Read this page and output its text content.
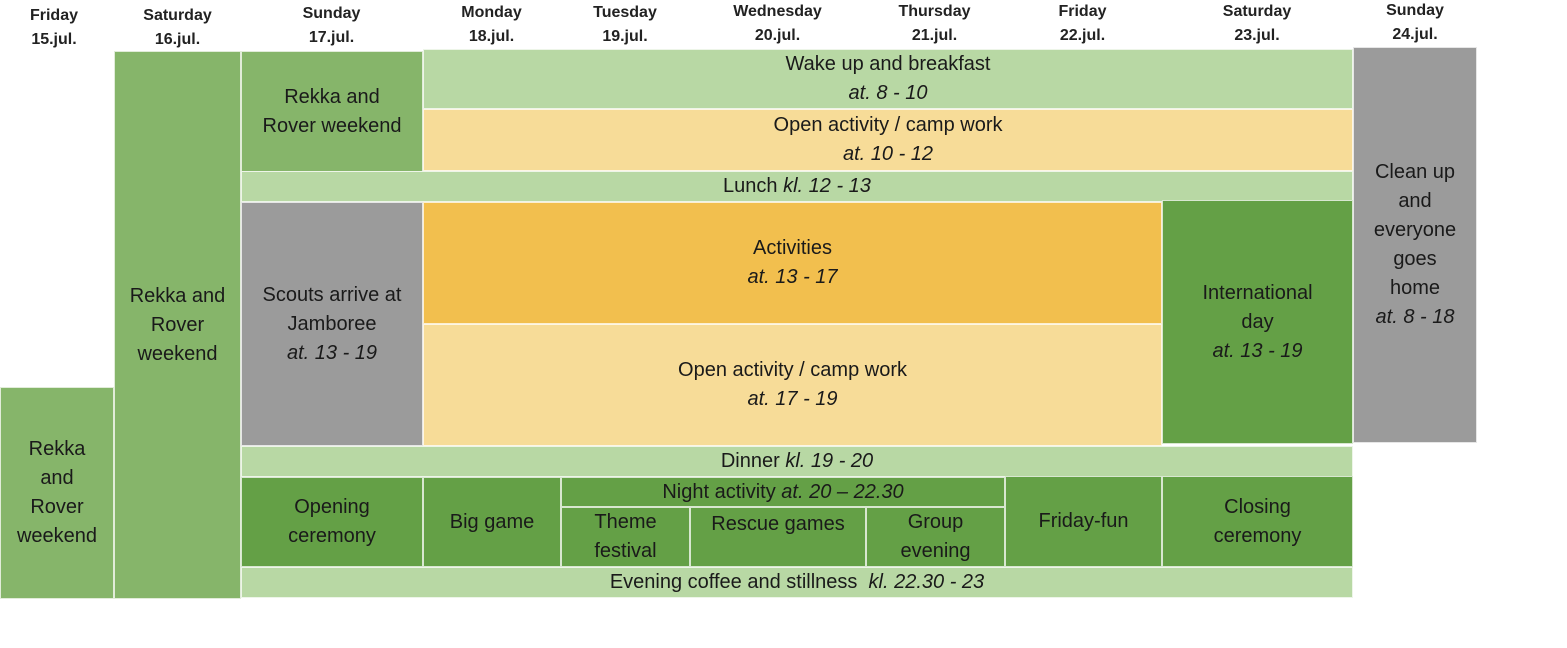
Friday
15.jul.
Saturday
16.jul.
Sunday
17.jul.
Monday
18.jul.
Tuesday
19.jul.
Wednesday
20.jul.
Thursday
21.jul.
Friday
22.jul.
Saturday
23.jul.
Sunday
24.jul.
Rekka
and
Rover
weekend
Rekka and
Rover
weekend
Rekka and
Rover weekend
Wake up and breakfast
at. 8 - 10
Open activity / camp work
at. 10 - 12
Lunch kl. 12 - 13
Scouts arrive at
Jamboree
at. 13 - 19
Activities
at. 13 - 17
Open activity / camp work
at. 17 - 19
International
day
at. 13 - 19
Clean up
and
everyone
goes
home
at. 8 - 18
Dinner kl. 19 - 20
Opening
ceremony
Big game
Night activity at. 20 – 22.30
Theme
festival
Rescue games	Group
evening
Friday-fun
Closing
ceremony
Evening coffee and stillness kl. 22.30 - 23
